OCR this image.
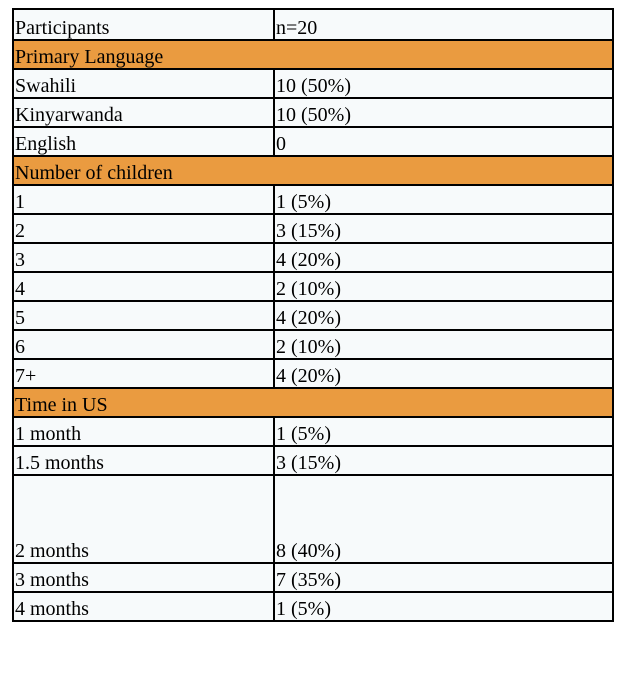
Participants	n=20
Primary Language	
Swahili	10 (50%)
Kinyarwanda	10 (50%)
English	0
Number of children	
1	1 (5%)
2	3 (15%)
3	4 (20%)
4	2 (10%)
5	4 (20%)
6	2 (10%)
7+	4 (20%)
Time in US	
1 month	1 (5%)
1.5 months	3 (15%)
2 months	8 (40%)
3 months	7 (35%)
4 months	1 (5%)
